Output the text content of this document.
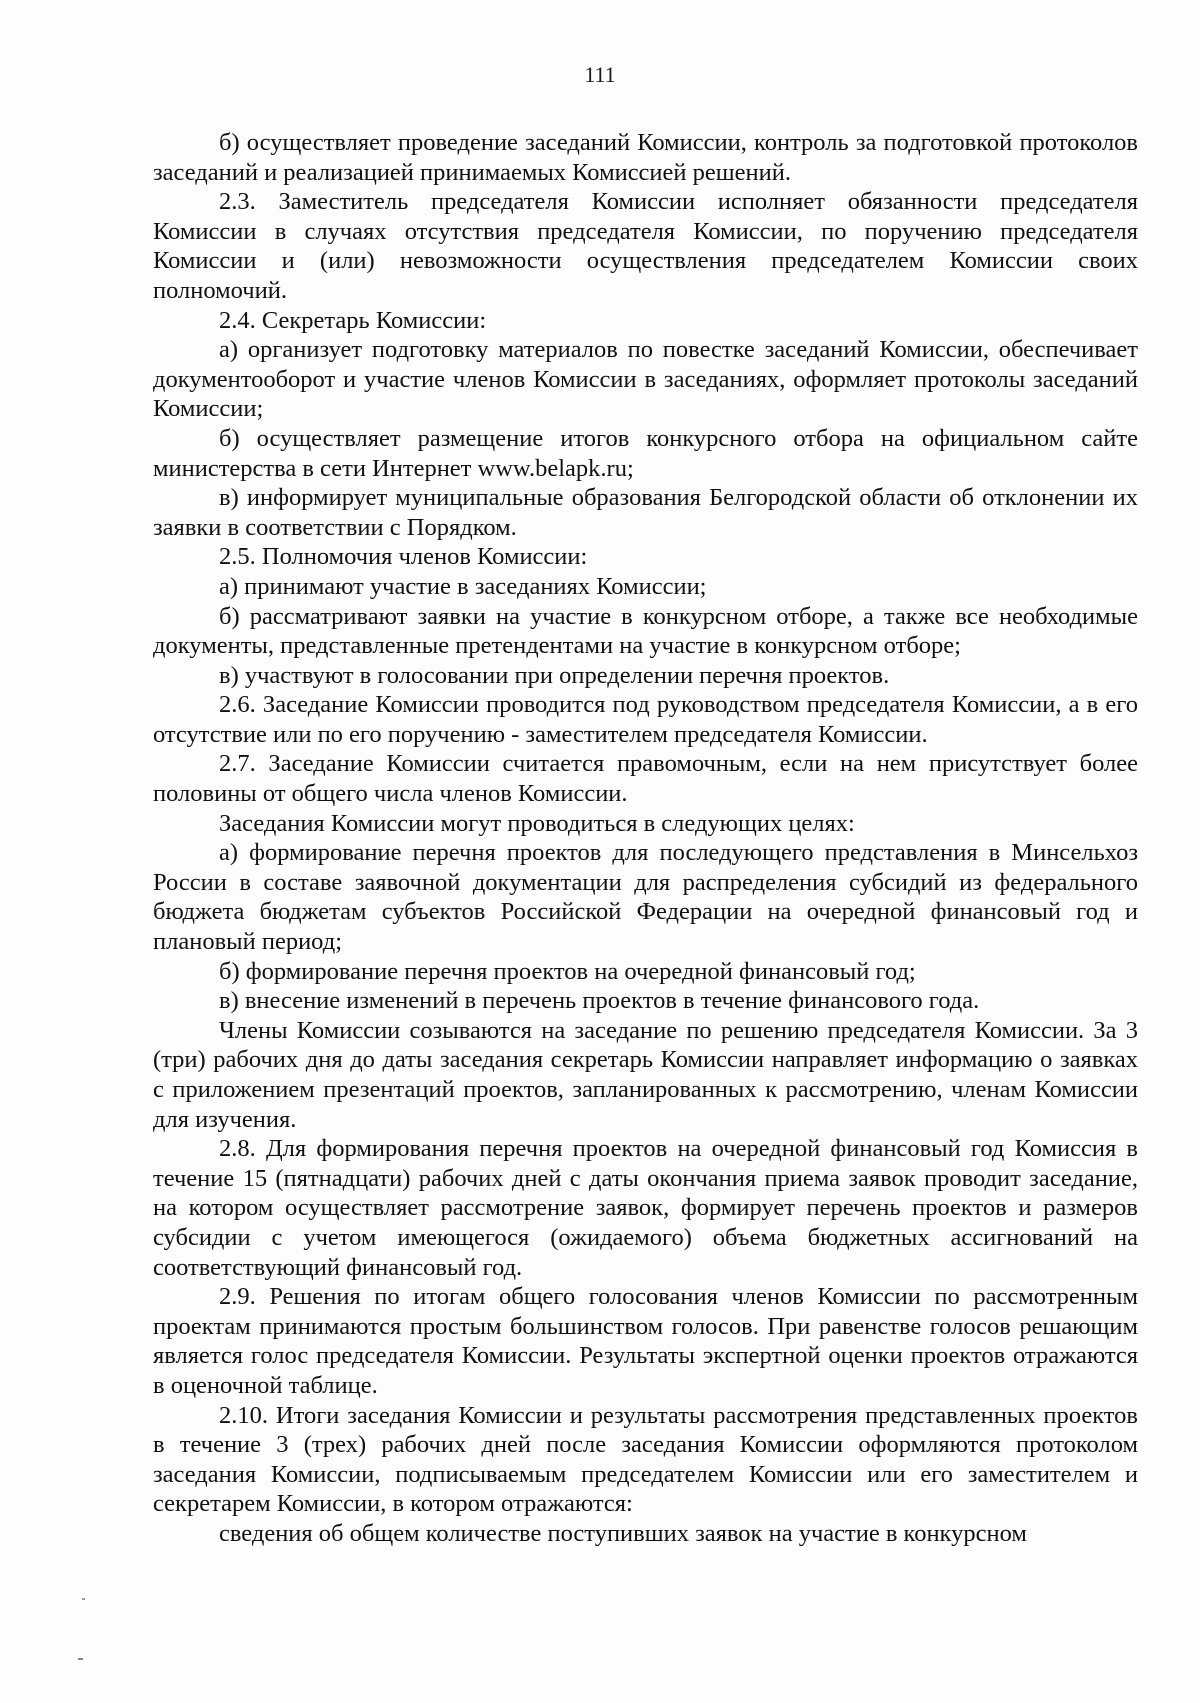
111

б) осуществляет проведение заседаний Комиссии, контроль за подготовкой протоколов заседаний и реализацией принимаемых Комиссией решений.

2.3. Заместитель председателя Комиссии исполняет обязанности председателя Комиссии в случаях отсутствия председателя Комиссии, по поручению председателя Комиссии и (или) невозможности осуществления председателем Комиссии своих полномочий.

2.4. Секретарь Комиссии:

а) организует подготовку материалов по повестке заседаний Комиссии, обеспечивает документооборот и участие членов Комиссии в заседаниях, оформляет протоколы заседаний Комиссии;

б) осуществляет размещение итогов конкурсного отбора на официальном сайте министерства в сети Интернет www.belapk.ru;

в) информирует муниципальные образования Белгородской области об отклонении их заявки в соответствии с Порядком.

2.5. Полномочия членов Комиссии:

а) принимают участие в заседаниях Комиссии;

б) рассматривают заявки на участие в конкурсном отборе, а также все необходимые документы, представленные претендентами на участие в конкурсном отборе;

в) участвуют в голосовании при определении перечня проектов.

2.6. Заседание Комиссии проводится под руководством председателя Комиссии, а в его отсутствие или по его поручению - заместителем председателя Комиссии.

2.7. Заседание Комиссии считается правомочным, если на нем присутствует более половины от общего числа членов Комиссии.

Заседания Комиссии могут проводиться в следующих целях:

а) формирование перечня проектов для последующего представления в Минсельхоз России в составе заявочной документации для распределения субсидий из федерального бюджета бюджетам субъектов Российской Федерации на очередной финансовый год и плановый период;

б) формирование перечня проектов на очередной финансовый год;

в) внесение изменений в перечень проектов в течение финансового года.

Члены Комиссии созываются на заседание по решению председателя Комиссии. За 3 (три) рабочих дня до даты заседания секретарь Комиссии направляет информацию о заявках с приложением презентаций проектов, запланированных к рассмотрению, членам Комиссии для изучения.

2.8. Для формирования перечня проектов на очередной финансовый год Комиссия в течение 15 (пятнадцати) рабочих дней с даты окончания приема заявок проводит заседание, на котором осуществляет рассмотрение заявок, формирует перечень проектов и размеров субсидии с учетом имеющегося (ожидаемого) объема бюджетных ассигнований на соответствующий финансовый год.

2.9. Решения по итогам общего голосования членов Комиссии по рассмотренным проектам принимаются простым большинством голосов. При равенстве голосов решающим является голос председателя Комиссии. Результаты экспертной оценки проектов отражаются в оценочной таблице.

2.10. Итоги заседания Комиссии и результаты рассмотрения представленных проектов в течение 3 (трех) рабочих дней после заседания Комиссии оформляются протоколом заседания Комиссии, подписываемым председателем Комиссии или его заместителем и секретарем Комиссии, в котором отражаются:

сведения об общем количестве поступивших заявок на участие в конкурсном
